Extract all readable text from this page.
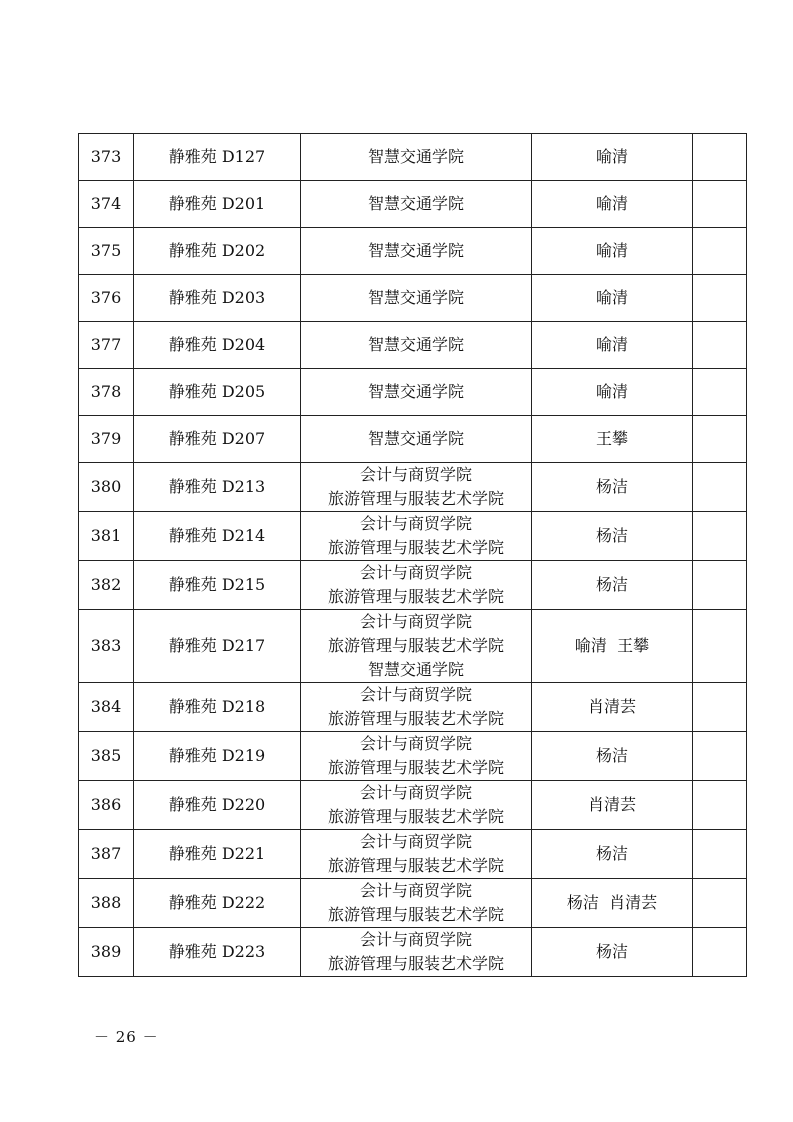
373	静雅苑 D127	智慧交通学院	喻清	
374	静雅苑 D201	智慧交通学院	喻清	
375	静雅苑 D202	智慧交通学院	喻清	
376	静雅苑 D203	智慧交通学院	喻清	
377	静雅苑 D204	智慧交通学院	喻清	
378	静雅苑 D205	智慧交通学院	喻清	
379	静雅苑 D207	智慧交通学院	王攀	
380	静雅苑 D213	会计与商贸学院
旅游管理与服装艺术学院	杨洁	
381	静雅苑 D214	会计与商贸学院
旅游管理与服装艺术学院	杨洁	
382	静雅苑 D215	会计与商贸学院
旅游管理与服装艺术学院	杨洁	
383	静雅苑 D217	会计与商贸学院
旅游管理与服装艺术学院
智慧交通学院	喻清  王攀	
384	静雅苑 D218	会计与商贸学院
旅游管理与服装艺术学院	肖清芸	
385	静雅苑 D219	会计与商贸学院
旅游管理与服装艺术学院	杨洁	
386	静雅苑 D220	会计与商贸学院
旅游管理与服装艺术学院	肖清芸	
387	静雅苑 D221	会计与商贸学院
旅游管理与服装艺术学院	杨洁	
388	静雅苑 D222	会计与商贸学院
旅游管理与服装艺术学院	杨洁  肖清芸	
389	静雅苑 D223	会计与商贸学院
旅游管理与服装艺术学院	杨洁	
－ 26 －
